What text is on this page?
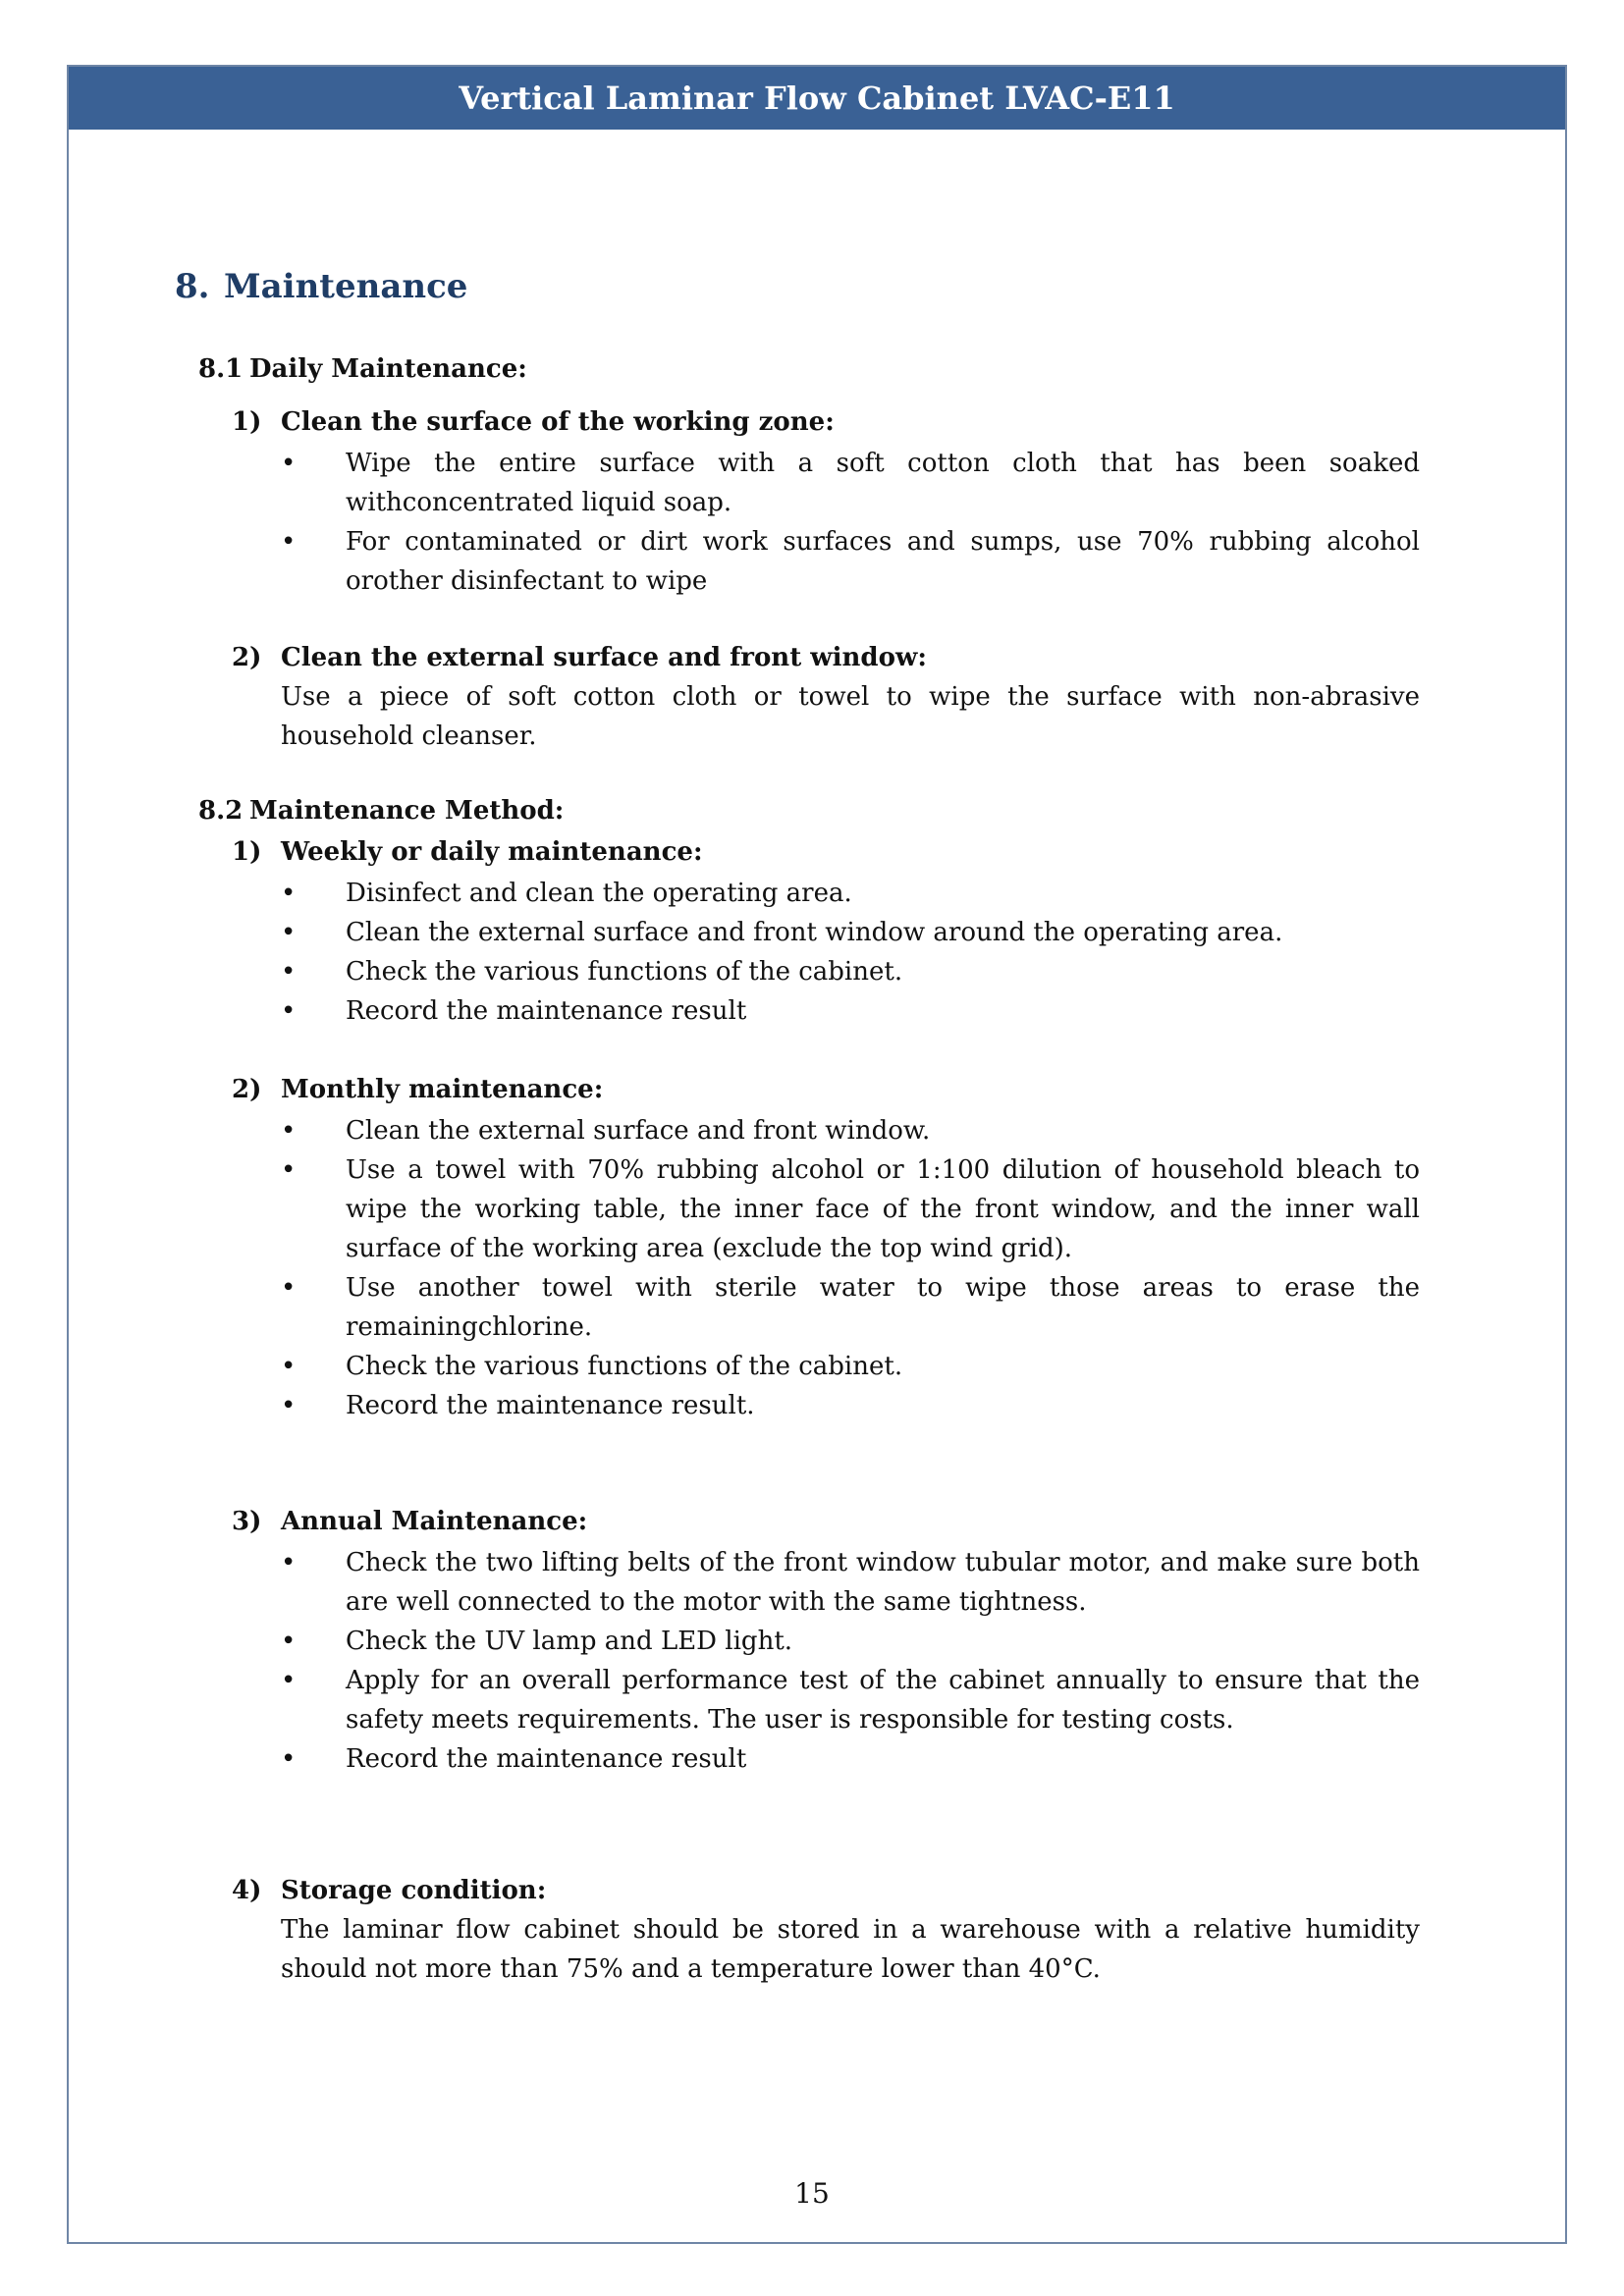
Vertical Laminar Flow Cabinet LVAC-E11
8. Maintenance
8.1 Daily Maintenance:
1) Clean the surface of the working zone:
•	Wipe the entire surface with a soft cotton cloth that has been soaked withconcentrated liquid soap.
•	For contaminated or dirt work surfaces and sumps, use 70% rubbing alcohol orother disinfectant to wipe
2) Clean the external surface and front window:

Use a piece of soft cotton cloth or towel to wipe the surface with non-abrasive household cleanser.

8.2 Maintenance Method:
1) Weekly or daily maintenance:
•	Disinfect and clean the operating area.
•	Clean the external surface and front window around the operating area.
•	Check the various functions of the cabinet.
•	Record the maintenance result
2) Monthly maintenance:
•	Clean the external surface and front window.
•	Use a towel with 70% rubbing alcohol or 1:100 dilution of household bleach to wipe the working table, the inner face of the front window, and the inner wall surface of the working area (exclude the top wind grid).
•	Use another towel with sterile water to wipe those areas to erase the remainingchlorine.
•	Check the various functions of the cabinet.
•	Record the maintenance result.
3) Annual Maintenance:
•	Check the two lifting belts of the front window tubular motor, and make sure both are well connected to the motor with the same tightness.
•	Check the UV lamp and LED light.
•	Apply for an overall performance test of the cabinet annually to ensure that the safety meets requirements. The user is responsible for testing costs.
•	Record the maintenance result
4) Storage condition:

The laminar flow cabinet should be stored in a warehouse with a relative humidity should not more than 75% and a temperature lower than 40°C.

15
